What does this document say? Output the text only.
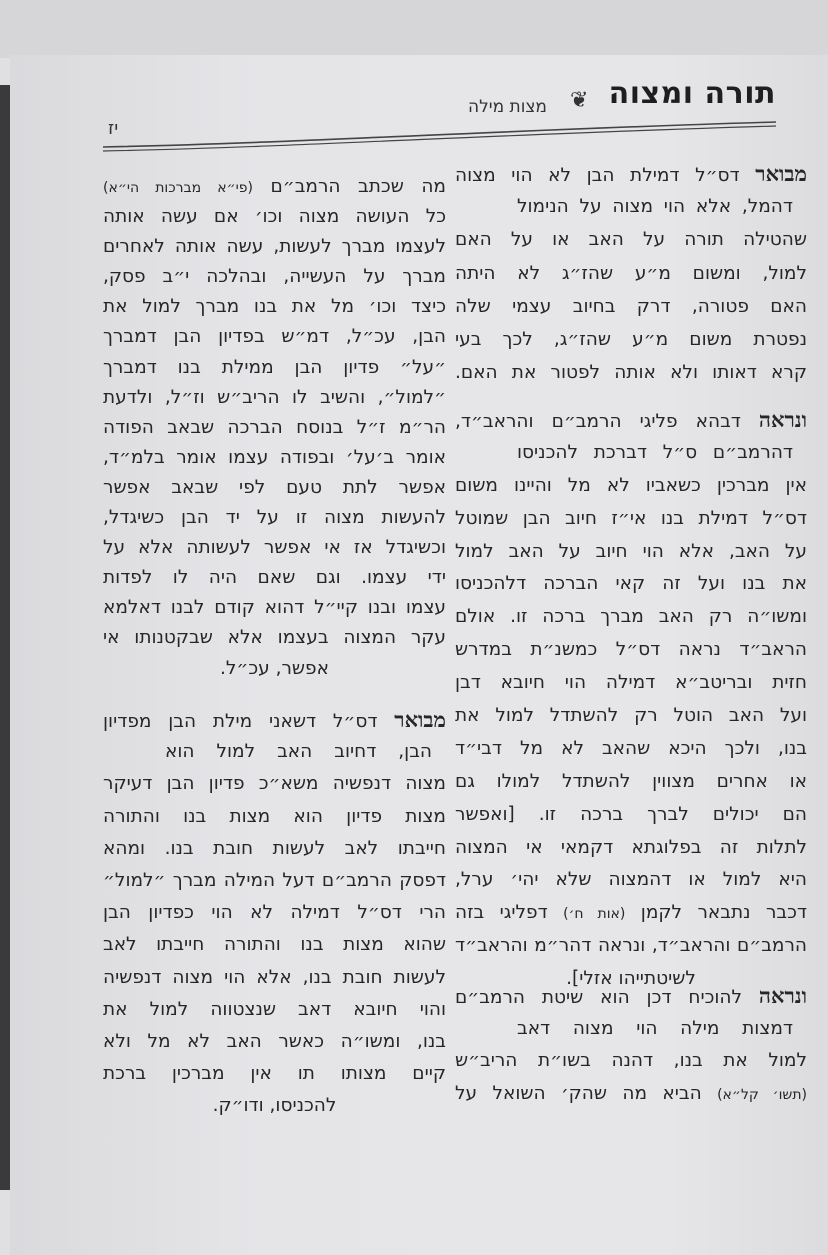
תורה ומצוה
❦
מצות מילה
יז
מבואר דס״ל דמילת הבן לא הוי מצוה
דהמל, אלא הוי מצוה על הנימול
שהטילה תורה על האב או על האם
למול, ומשום מ״ע שהז״ג לא היתה
האם פטורה, דרק בחיוב עצמי שלה
נפטרת משום מ״ע שהז״ג, לכך בעי
קרא דאותו ולא אותה לפטור את האם.
ונראה דבהא פליגי הרמב״ם והראב״ד,
דהרמב״ם ס״ל דברכת להכניסו
אין מברכין כשאביו לא מל והיינו משום
דס״ל דמילת בנו אי״ז חיוב הבן שמוטל
על האב, אלא הוי חיוב על האב למול
את בנו ועל זה קאי הברכה דלהכניסו
ומשו״ה רק האב מברך ברכה זו. אולם
הראב״ד נראה דס״ל כמשנ״ת במדרש
חזית ובריטב״א דמילה הוי חיובא דבן
ועל האב הוטל רק להשתדל למול את
בנו, ולכך היכא שהאב לא מל דבי״ד
או אחרים מצווין להשתדל למולו גם
הם יכולים לברך ברכה זו. [ואפשר
לתלות זה בפלוגתא דקמאי אי המצוה
היא למול או דהמצוה שלא יהי׳ ערל,
דכבר נתבאר לקמן (אות ח׳) דפליגי בזה
הרמב״ם והראב״ד, ונראה דהר״מ והראב״ד
לשיטתייהו אזלי].
ונראה להוכיח דכן הוא שיטת הרמב״ם
דמצות מילה הוי מצוה דאב
למול את בנו, דהנה בשו״ת הריב״ש
(תשו׳ קל״א) הביא מה שהק׳ השואל על
מה שכתב הרמב״ם (פי״א מברכות הי״א)
כל העושה מצוה וכו׳ אם עשה אותה
לעצמו מברך לעשות, עשה אותה לאחרים
מברך על העשייה, ובהלכה י״ב פסק,
כיצד וכו׳ מל את בנו מברך למול את
הבן, עכ״ל, דמ״ש בפדיון הבן דמברך
״על״ פדיון הבן ממילת בנו דמברך
״למול״, והשיב לו הריב״ש וז״ל, ולדעת
הר״מ ז״ל בנוסח הברכה שבאב הפודה
אומר ב׳על׳ ובפודה עצמו אומר בלמ״ד,
אפשר לתת טעם לפי שבאב אפשר
להעשות מצוה זו על יד הבן כשיגדל,
וכשיגדל אז אי אפשר לעשותה אלא על
ידי עצמו. וגם שאם היה לו לפדות
עצמו ובנו קיי״ל דהוא קודם לבנו דאלמא
עקר המצוה בעצמו אלא שבקטנותו אי
אפשר, עכ״ל.
מבואר דס״ל דשאני מילת הבן מפדיון
הבן, דחיוב האב למול הוא
מצוה דנפשיה משא״כ פדיון הבן דעיקר
מצות פדיון הוא מצות בנו והתורה
חייבתו לאב לעשות חובת בנו. ומהא
דפסק הרמב״ם דעל המילה מברך ״למול״
הרי דס״ל דמילה לא הוי כפדיון הבן
שהוא מצות בנו והתורה חייבתו לאב
לעשות חובת בנו, אלא הוי מצוה דנפשיה
והוי חיובא דאב שנצטווה למול את
בנו, ומשו״ה כאשר האב לא מל ולא
קיים מצותו תו אין מברכין ברכת
להכניסו, ודו״ק.
